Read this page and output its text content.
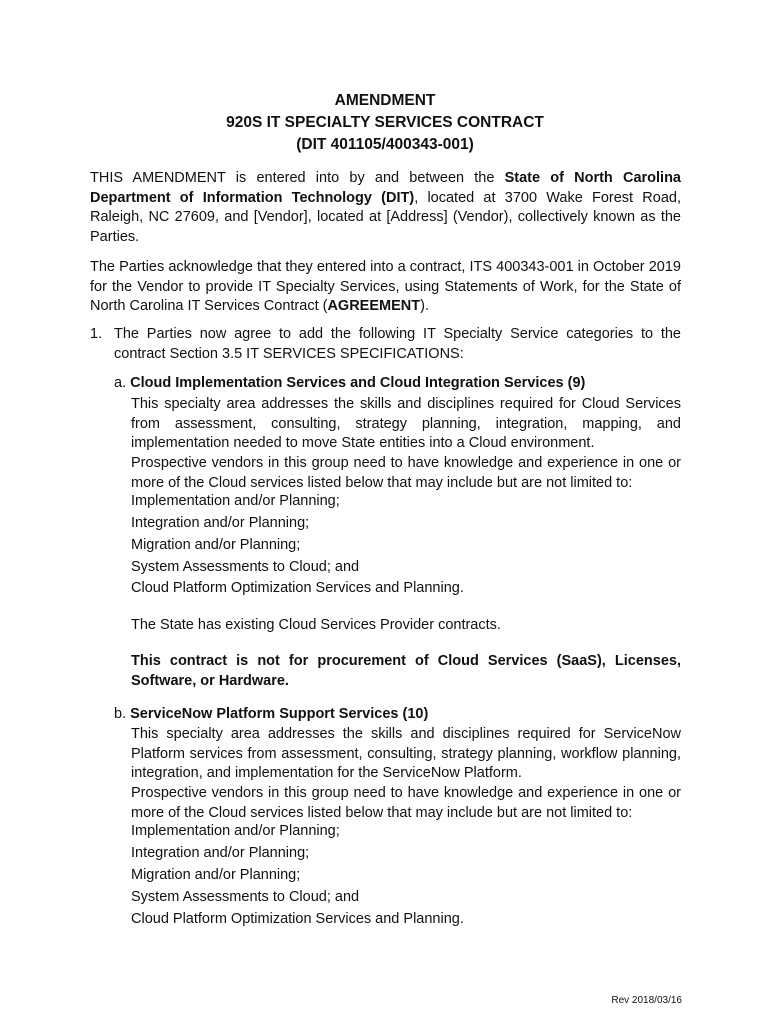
AMENDMENT
920S IT SPECIALTY SERVICES CONTRACT
(DIT 401105/400343-001)
THIS AMENDMENT is entered into by and between the State of North Carolina Department of Information Technology (DIT), located at 3700 Wake Forest Road, Raleigh, NC 27609, and [Vendor], located at [Address] (Vendor), collectively known as the Parties.
The Parties acknowledge that they entered into a contract, ITS 400343-001 in October 2019 for the Vendor to provide IT Specialty Services, using Statements of Work, for the State of North Carolina IT Services Contract (AGREEMENT).
1. The Parties now agree to add the following IT Specialty Service categories to the contract Section 3.5 IT SERVICES SPECIFICATIONS:
a. Cloud Implementation Services and Cloud Integration Services (9)
This specialty area addresses the skills and disciplines required for Cloud Services from assessment, consulting, strategy planning, integration, mapping, and implementation needed to move State entities into a Cloud environment.
Prospective vendors in this group need to have knowledge and experience in one or more of the Cloud services listed below that may include but are not limited to:
Implementation and/or Planning;
Integration and/or Planning;
Migration and/or Planning;
System Assessments to Cloud; and
Cloud Platform Optimization Services and Planning.
The State has existing Cloud Services Provider contracts.
This contract is not for procurement of Cloud Services (SaaS), Licenses, Software, or Hardware.
b. ServiceNow Platform Support Services (10)
This specialty area addresses the skills and disciplines required for ServiceNow Platform services from assessment, consulting, strategy planning, workflow planning, integration, and implementation for the ServiceNow Platform.
Prospective vendors in this group need to have knowledge and experience in one or more of the Cloud services listed below that may include but are not limited to:
Implementation and/or Planning;
Integration and/or Planning;
Migration and/or Planning;
System Assessments to Cloud; and
Cloud Platform Optimization Services and Planning.
Rev 2018/03/16
